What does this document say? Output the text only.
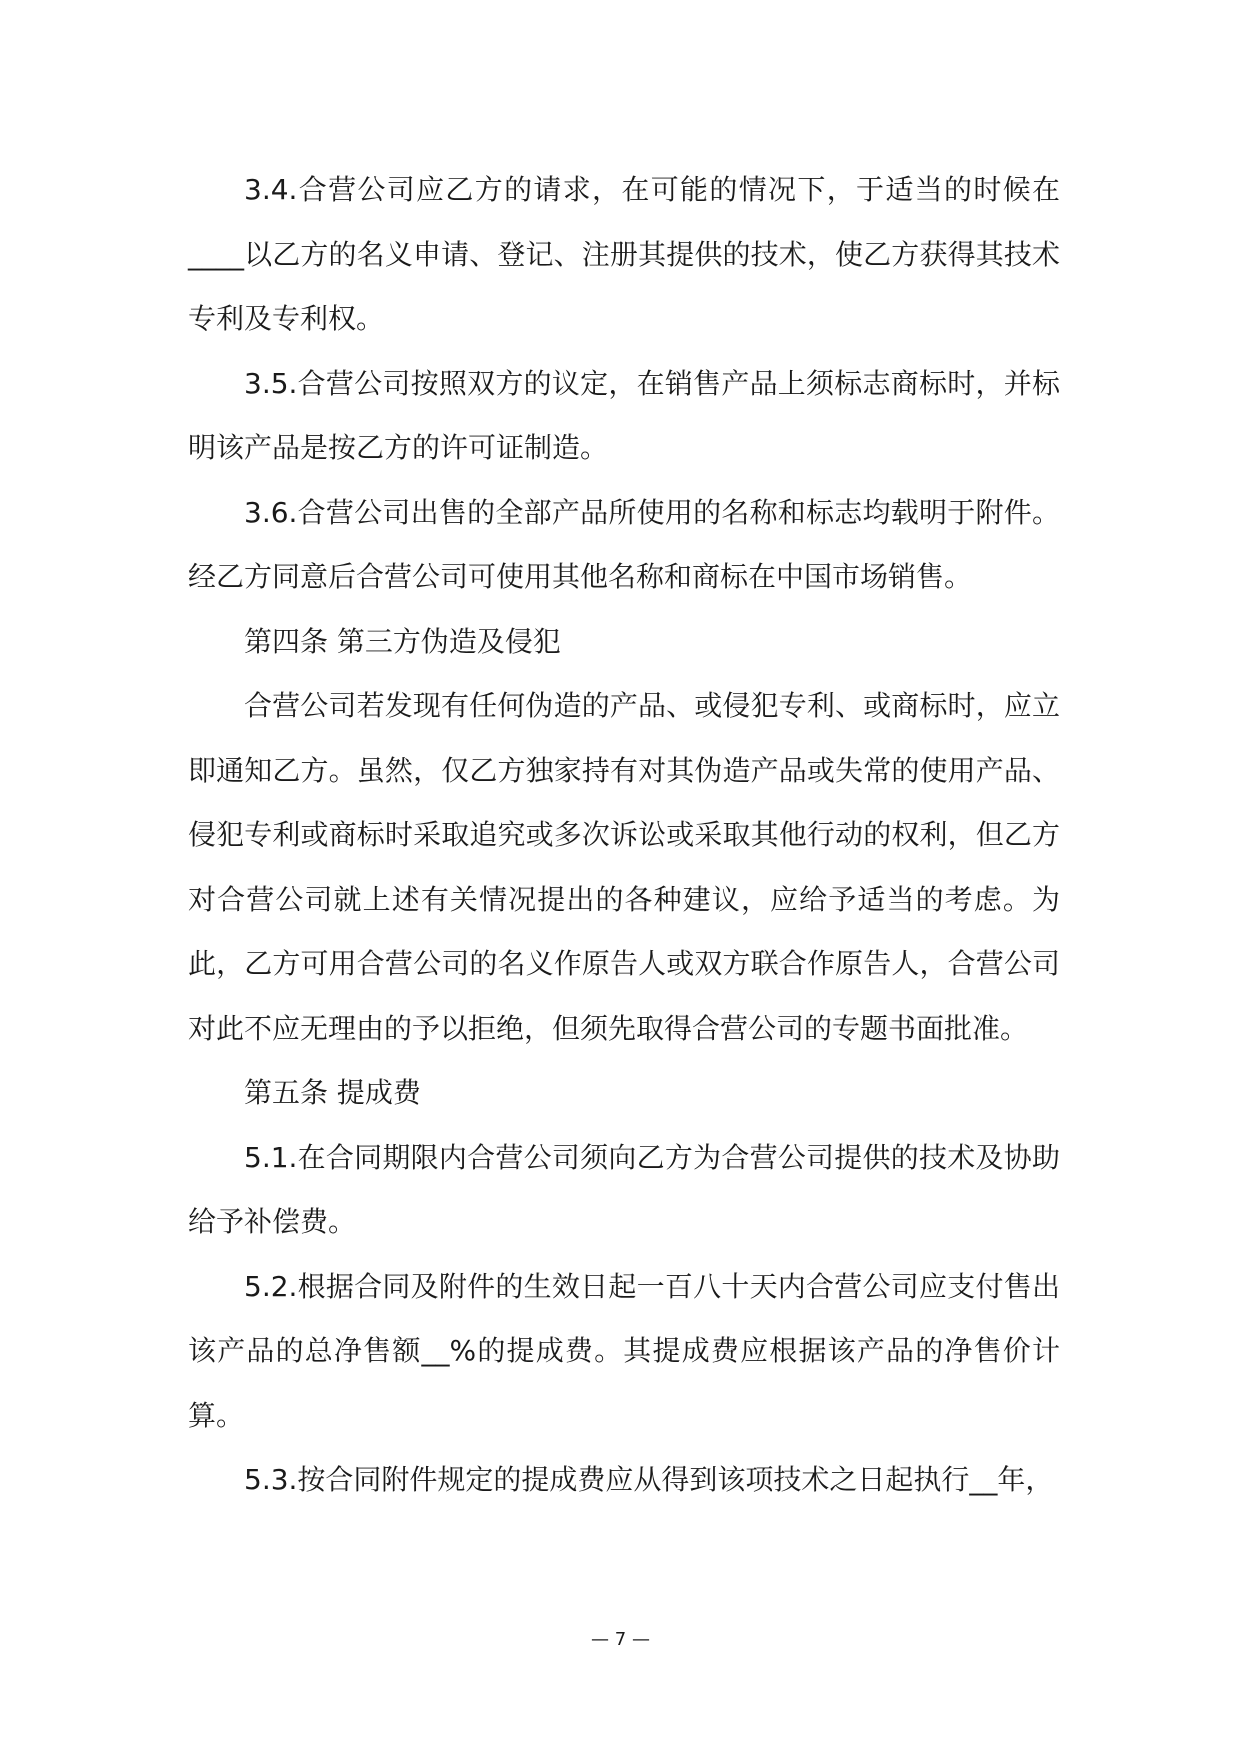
3.4.合营公司应乙方的请求，在可能的情况下，于适当的时候在____以乙方的名义申请、登记、注册其提供的技术，使乙方获得其技术专利及专利权。

3.5.合营公司按照双方的议定，在销售产品上须标志商标时，并标明该产品是按乙方的许可证制造。

3.6.合营公司出售的全部产品所使用的名称和标志均载明于附件。经乙方同意后合营公司可使用其他名称和商标在中国市场销售。

第四条 第三方伪造及侵犯

合营公司若发现有任何伪造的产品、或侵犯专利、或商标时，应立即通知乙方。虽然，仅乙方独家持有对其伪造产品或失常的使用产品、侵犯专利或商标时采取追究或多次诉讼或采取其他行动的权利，但乙方对合营公司就上述有关情况提出的各种建议，应给予适当的考虑。为此，乙方可用合营公司的名义作原告人或双方联合作原告人，合营公司对此不应无理由的予以拒绝，但须先取得合营公司的专题书面批准。

第五条 提成费

5.1.在合同期限内合营公司须向乙方为合营公司提供的技术及协助给予补偿费。

5.2.根据合同及附件的生效日起一百八十天内合营公司应支付售出该产品的总净售额__%的提成费。其提成费应根据该产品的净售价计算。

5.3.按合同附件规定的提成费应从得到该项技术之日起执行__年，

— 7 —
